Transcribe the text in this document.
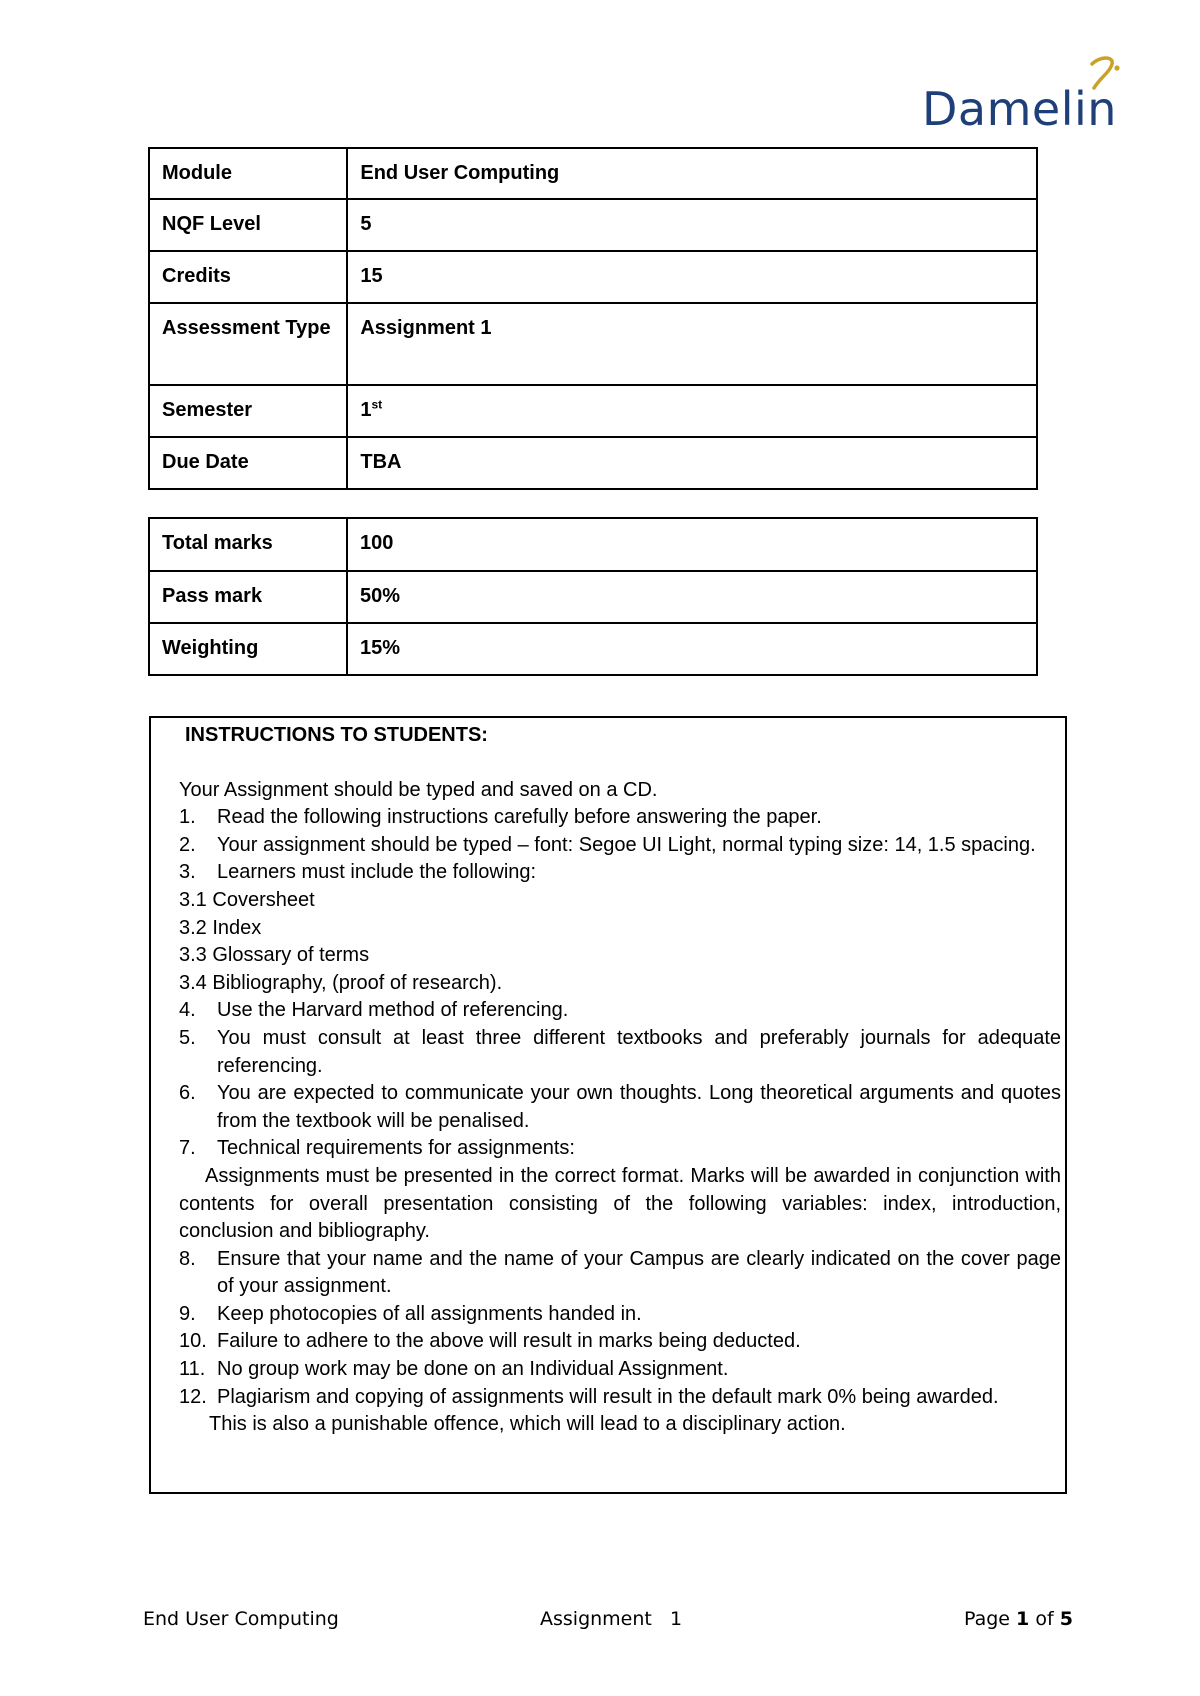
Damelin
Module	End User Computing
NQF Level	5
Credits	15
Assessment Type	Assignment 1
Semester	1st
Due Date	TBA
Total marks	100
Pass mark	50%
Weighting	15%
INSTRUCTIONS TO STUDENTS:
Your Assignment should be typed and saved on a CD.
1. Read the following instructions carefully before answering the paper.
2. Your assignment should be typed – font: Segoe UI Light, normal typing size: 14, 1.5 spacing.
3. Learners must include the following:
3.1 Coversheet
3.2 Index
3.3 Glossary of terms
3.4 Bibliography, (proof of research).
4. Use the Harvard method of referencing.
5. You must consult at least three different textbooks and preferably journals for adequate referencing.
6. You are expected to communicate your own thoughts. Long theoretical arguments and quotes from the textbook will be penalised.
7. Technical requirements for assignments:
Assignments must be presented in the correct format. Marks will be awarded in conjunction with contents for overall presentation consisting of the following variables: index, introduction, conclusion and bibliography.
8. Ensure that your name and the name of your Campus are clearly indicated on the cover page of your assignment.
9. Keep photocopies of all assignments handed in.
10. Failure to adhere to the above will result in marks being deducted.
11. No group work may be done on an Individual Assignment.
12. Plagiarism and copying of assignments will result in the default mark 0% being awarded.
This is also a punishable offence, which will lead to a disciplinary action.
End User Computing	Assignment   1	Page 1 of 5
